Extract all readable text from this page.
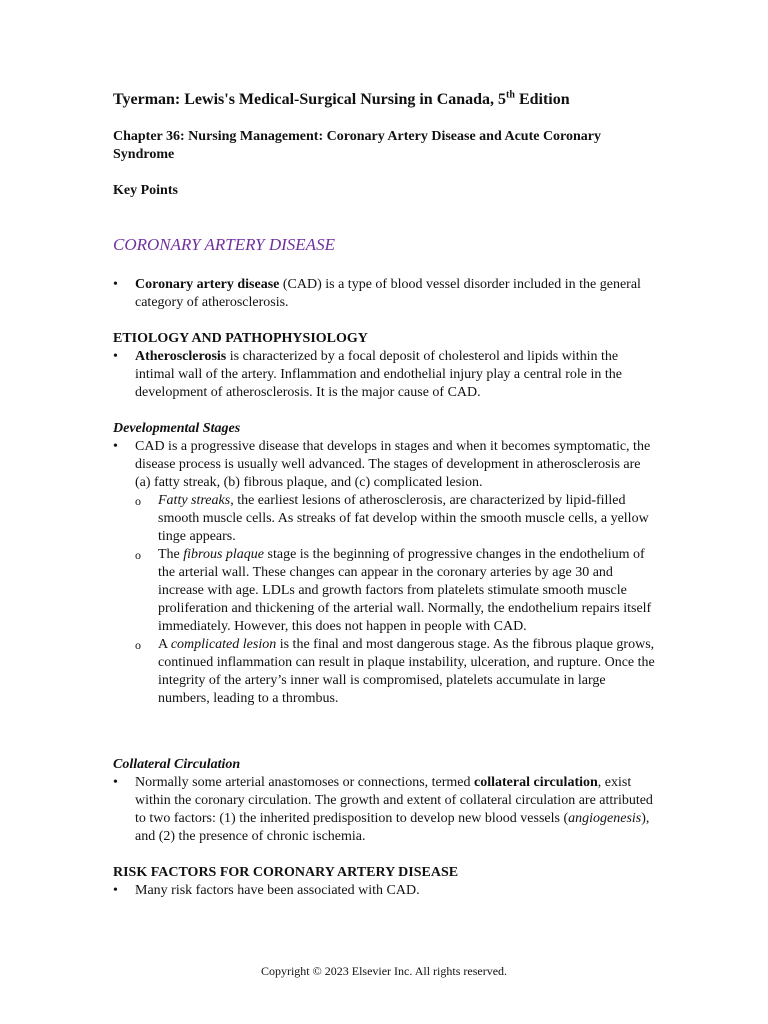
Tyerman: Lewis's Medical-Surgical Nursing in Canada, 5th Edition
Chapter 36: Nursing Management: Coronary Artery Disease and Acute Coronary Syndrome
Key Points
CORONARY ARTERY DISEASE
• Coronary artery disease (CAD) is a type of blood vessel disorder included in the general category of atherosclerosis.
ETIOLOGY AND PATHOPHYSIOLOGY
• Atherosclerosis is characterized by a focal deposit of cholesterol and lipids within the intimal wall of the artery. Inflammation and endothelial injury play a central role in the development of atherosclerosis. It is the major cause of CAD.
Developmental Stages
• CAD is a progressive disease that develops in stages and when it becomes symptomatic, the disease process is usually well advanced. The stages of development in atherosclerosis are (a) fatty streak, (b) fibrous plaque, and (c) complicated lesion.
o Fatty streaks, the earliest lesions of atherosclerosis, are characterized by lipid-filled smooth muscle cells. As streaks of fat develop within the smooth muscle cells, a yellow tinge appears.
o The fibrous plaque stage is the beginning of progressive changes in the endothelium of the arterial wall. These changes can appear in the coronary arteries by age 30 and increase with age. LDLs and growth factors from platelets stimulate smooth muscle proliferation and thickening of the arterial wall. Normally, the endothelium repairs itself immediately. However, this does not happen in people with CAD.
o A complicated lesion is the final and most dangerous stage. As the fibrous plaque grows, continued inflammation can result in plaque instability, ulceration, and rupture. Once the integrity of the artery’s inner wall is compromised, platelets accumulate in large numbers, leading to a thrombus.
Collateral Circulation
• Normally some arterial anastomoses or connections, termed collateral circulation, exist within the coronary circulation. The growth and extent of collateral circulation are attributed to two factors: (1) the inherited predisposition to develop new blood vessels (angiogenesis), and (2) the presence of chronic ischemia.
RISK FACTORS FOR CORONARY ARTERY DISEASE
• Many risk factors have been associated with CAD.
Copyright © 2023 Elsevier Inc. All rights reserved.
